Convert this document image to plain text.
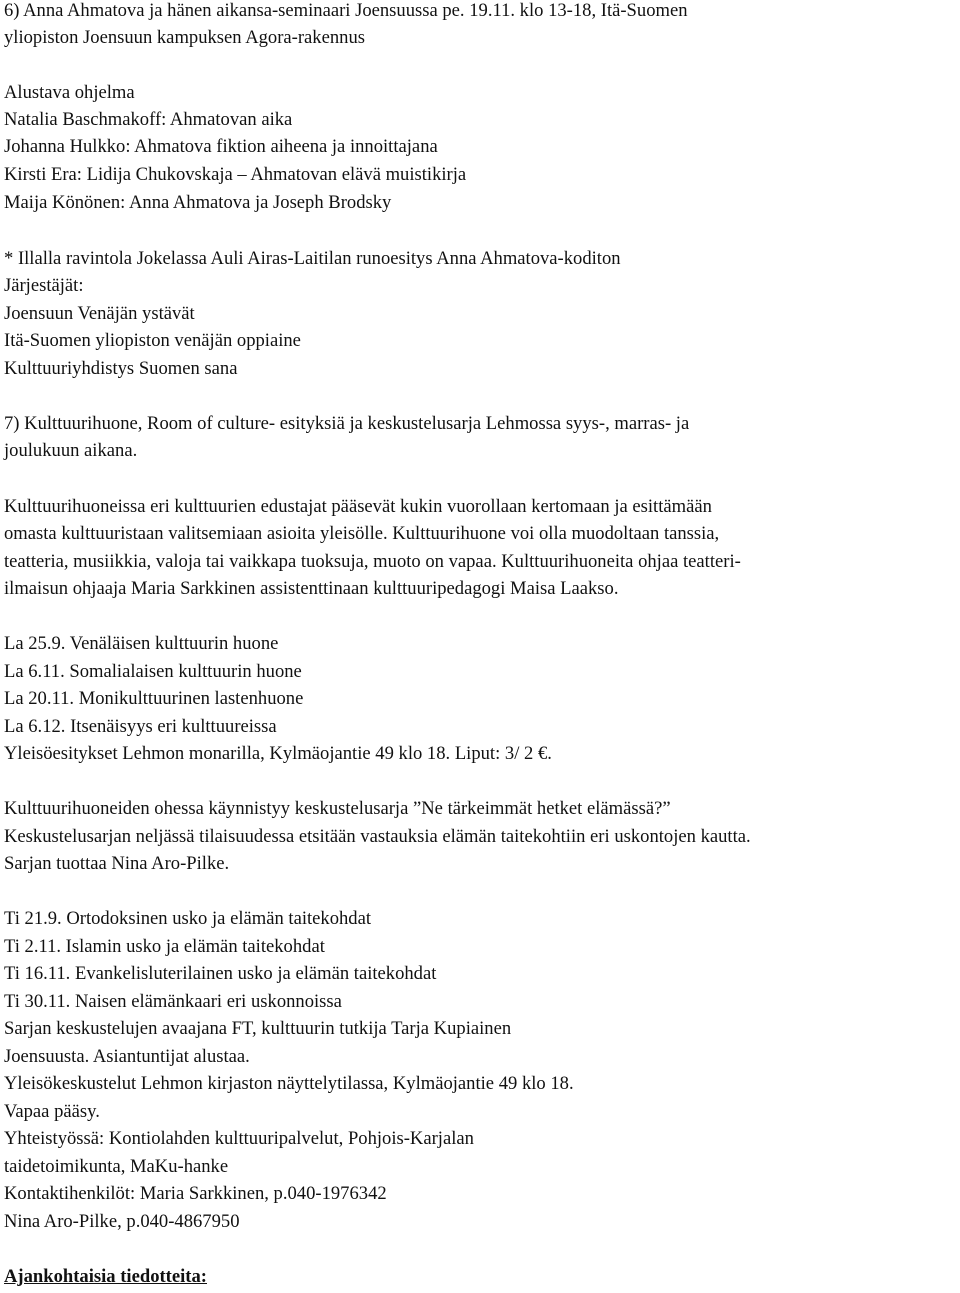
6) Anna Ahmatova ja hänen aikansa-seminaari Joensuussa pe. 19.11. klo 13-18, Itä-Suomen
yliopiston Joensuun kampuksen Agora-rakennus
Alustava ohjelma
Natalia Baschmakoff: Ahmatovan aika
Johanna Hulkko: Ahmatova fiktion aiheena ja innoittajana
Kirsti Era: Lidija Chukovskaja – Ahmatovan elävä muistikirja
Maija Könönen: Anna Ahmatova ja Joseph Brodsky
* Illalla ravintola Jokelassa Auli Airas-Laitilan runoesitys Anna Ahmatova-koditon
Järjestäjät:
Joensuun Venäjän ystävät
Itä-Suomen yliopiston venäjän oppiaine
Kulttuuriyhdistys Suomen sana
7) Kulttuurihuone, Room of culture- esityksiä ja keskustelusarja Lehmossa syys-, marras- ja
joulukuun aikana.
Kulttuurihuoneissa eri kulttuurien edustajat pääsevät kukin vuorollaan kertomaan ja esittämään
omasta kulttuuristaan valitsemiaan asioita yleisölle. Kulttuurihuone voi olla muodoltaan tanssia,
teatteria, musiikkia, valoja tai vaikkapa tuoksuja, muoto on vapaa. Kulttuurihuoneita ohjaa teatteri-
ilmaisun ohjaaja Maria Sarkkinen assistenttinaan kulttuuripedagogi Maisa Laakso.
La 25.9. Venäläisen kulttuurin huone
La 6.11. Somalialaisen kulttuurin huone
La 20.11. Monikulttuurinen lastenhuone
La 6.12. Itsenäisyys eri kulttuureissa
Yleisöesitykset Lehmon monarilla, Kylmäojantie 49 klo 18. Liput: 3/ 2 €.
Kulttuurihuoneiden ohessa käynnistyy keskustelusarja ”Ne tärkeimmät hetket elämässä?”
Keskustelusarjan neljässä tilaisuudessa etsitään vastauksia elämän taitekohtiin eri uskontojen kautta.
Sarjan tuottaa Nina Aro-Pilke.
Ti 21.9. Ortodoksinen usko ja elämän taitekohdat
Ti 2.11. Islamin usko ja elämän taitekohdat
Ti 16.11. Evankelisluterilainen usko ja elämän taitekohdat
Ti 30.11. Naisen elämänkaari eri uskonnoissa
Sarjan keskustelujen avaajana FT, kulttuurin tutkija Tarja Kupiainen
Joensuusta. Asiantuntijat alustaa.
Yleisökeskustelut Lehmon kirjaston näyttelytilassa, Kylmäojantie 49 klo 18.
Vapaa pääsy.
Yhteistyössä: Kontiolahden kulttuuripalvelut, Pohjois-Karjalan
taidetoimikunta, MaKu-hanke
Kontaktihenkilöt: Maria Sarkkinen, p.040-1976342
Nina Aro-Pilke, p.040-4867950
Ajankohtaisia tiedotteita:
